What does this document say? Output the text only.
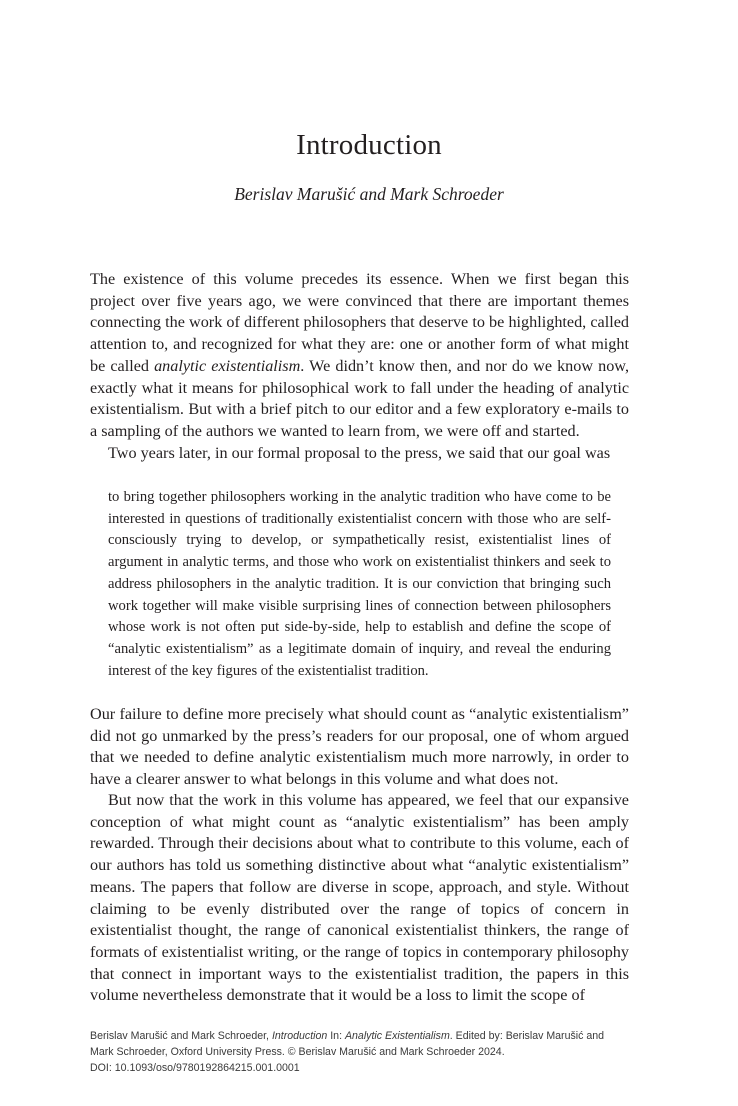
Introduction
Berislav Marušić and Mark Schroeder

The existence of this volume precedes its essence. When we first began this project over five years ago, we were convinced that there are important themes connecting the work of different philosophers that deserve to be highlighted, called attention to, and recognized for what they are: one or another form of what might be called analytic existentialism. We didn’t know then, and nor do we know now, exactly what it means for philosophical work to fall under the heading of analytic existentialism. But with a brief pitch to our editor and a few exploratory e-mails to a sampling of the authors we wanted to learn from, we were off and started.

Two years later, in our formal proposal to the press, we said that our goal was

to bring together philosophers working in the analytic tradition who have come to be interested in questions of traditionally existentialist concern with those who are self-consciously trying to develop, or sympathetically resist, existentialist lines of argument in analytic terms, and those who work on existentialist thinkers and seek to address philosophers in the analytic tradition. It is our conviction that bringing such work together will make visible surprising lines of connection between philosophers whose work is not often put side-by-side, help to establish and define the scope of “analytic existentialism” as a legitimate domain of inquiry, and reveal the enduring interest of the key figures of the existentialist tradition.

Our failure to define more precisely what should count as “analytic existentialism” did not go unmarked by the press’s readers for our proposal, one of whom argued that we needed to define analytic existentialism much more narrowly, in order to have a clearer answer to what belongs in this volume and what does not.

But now that the work in this volume has appeared, we feel that our expansive conception of what might count as “analytic existentialism” has been amply rewarded. Through their decisions about what to contribute to this volume, each of our authors has told us something distinctive about what “analytic existentialism” means. The papers that follow are diverse in scope, approach, and style. Without claiming to be evenly distributed over the range of topics of concern in existentialist thought, the range of canonical existentialist thinkers, the range of formats of existentialist writing, or the range of topics in contemporary philosophy that connect in important ways to the existentialist tradition, the papers in this volume nevertheless demonstrate that it would be a loss to limit the scope of

Berislav Marušić and Mark Schroeder, Introduction In: Analytic Existentialism. Edited by: Berislav Marušić and
Mark Schroeder, Oxford University Press. © Berislav Marušić and Mark Schroeder 2024.
DOI: 10.1093/oso/9780192864215.001.0001
